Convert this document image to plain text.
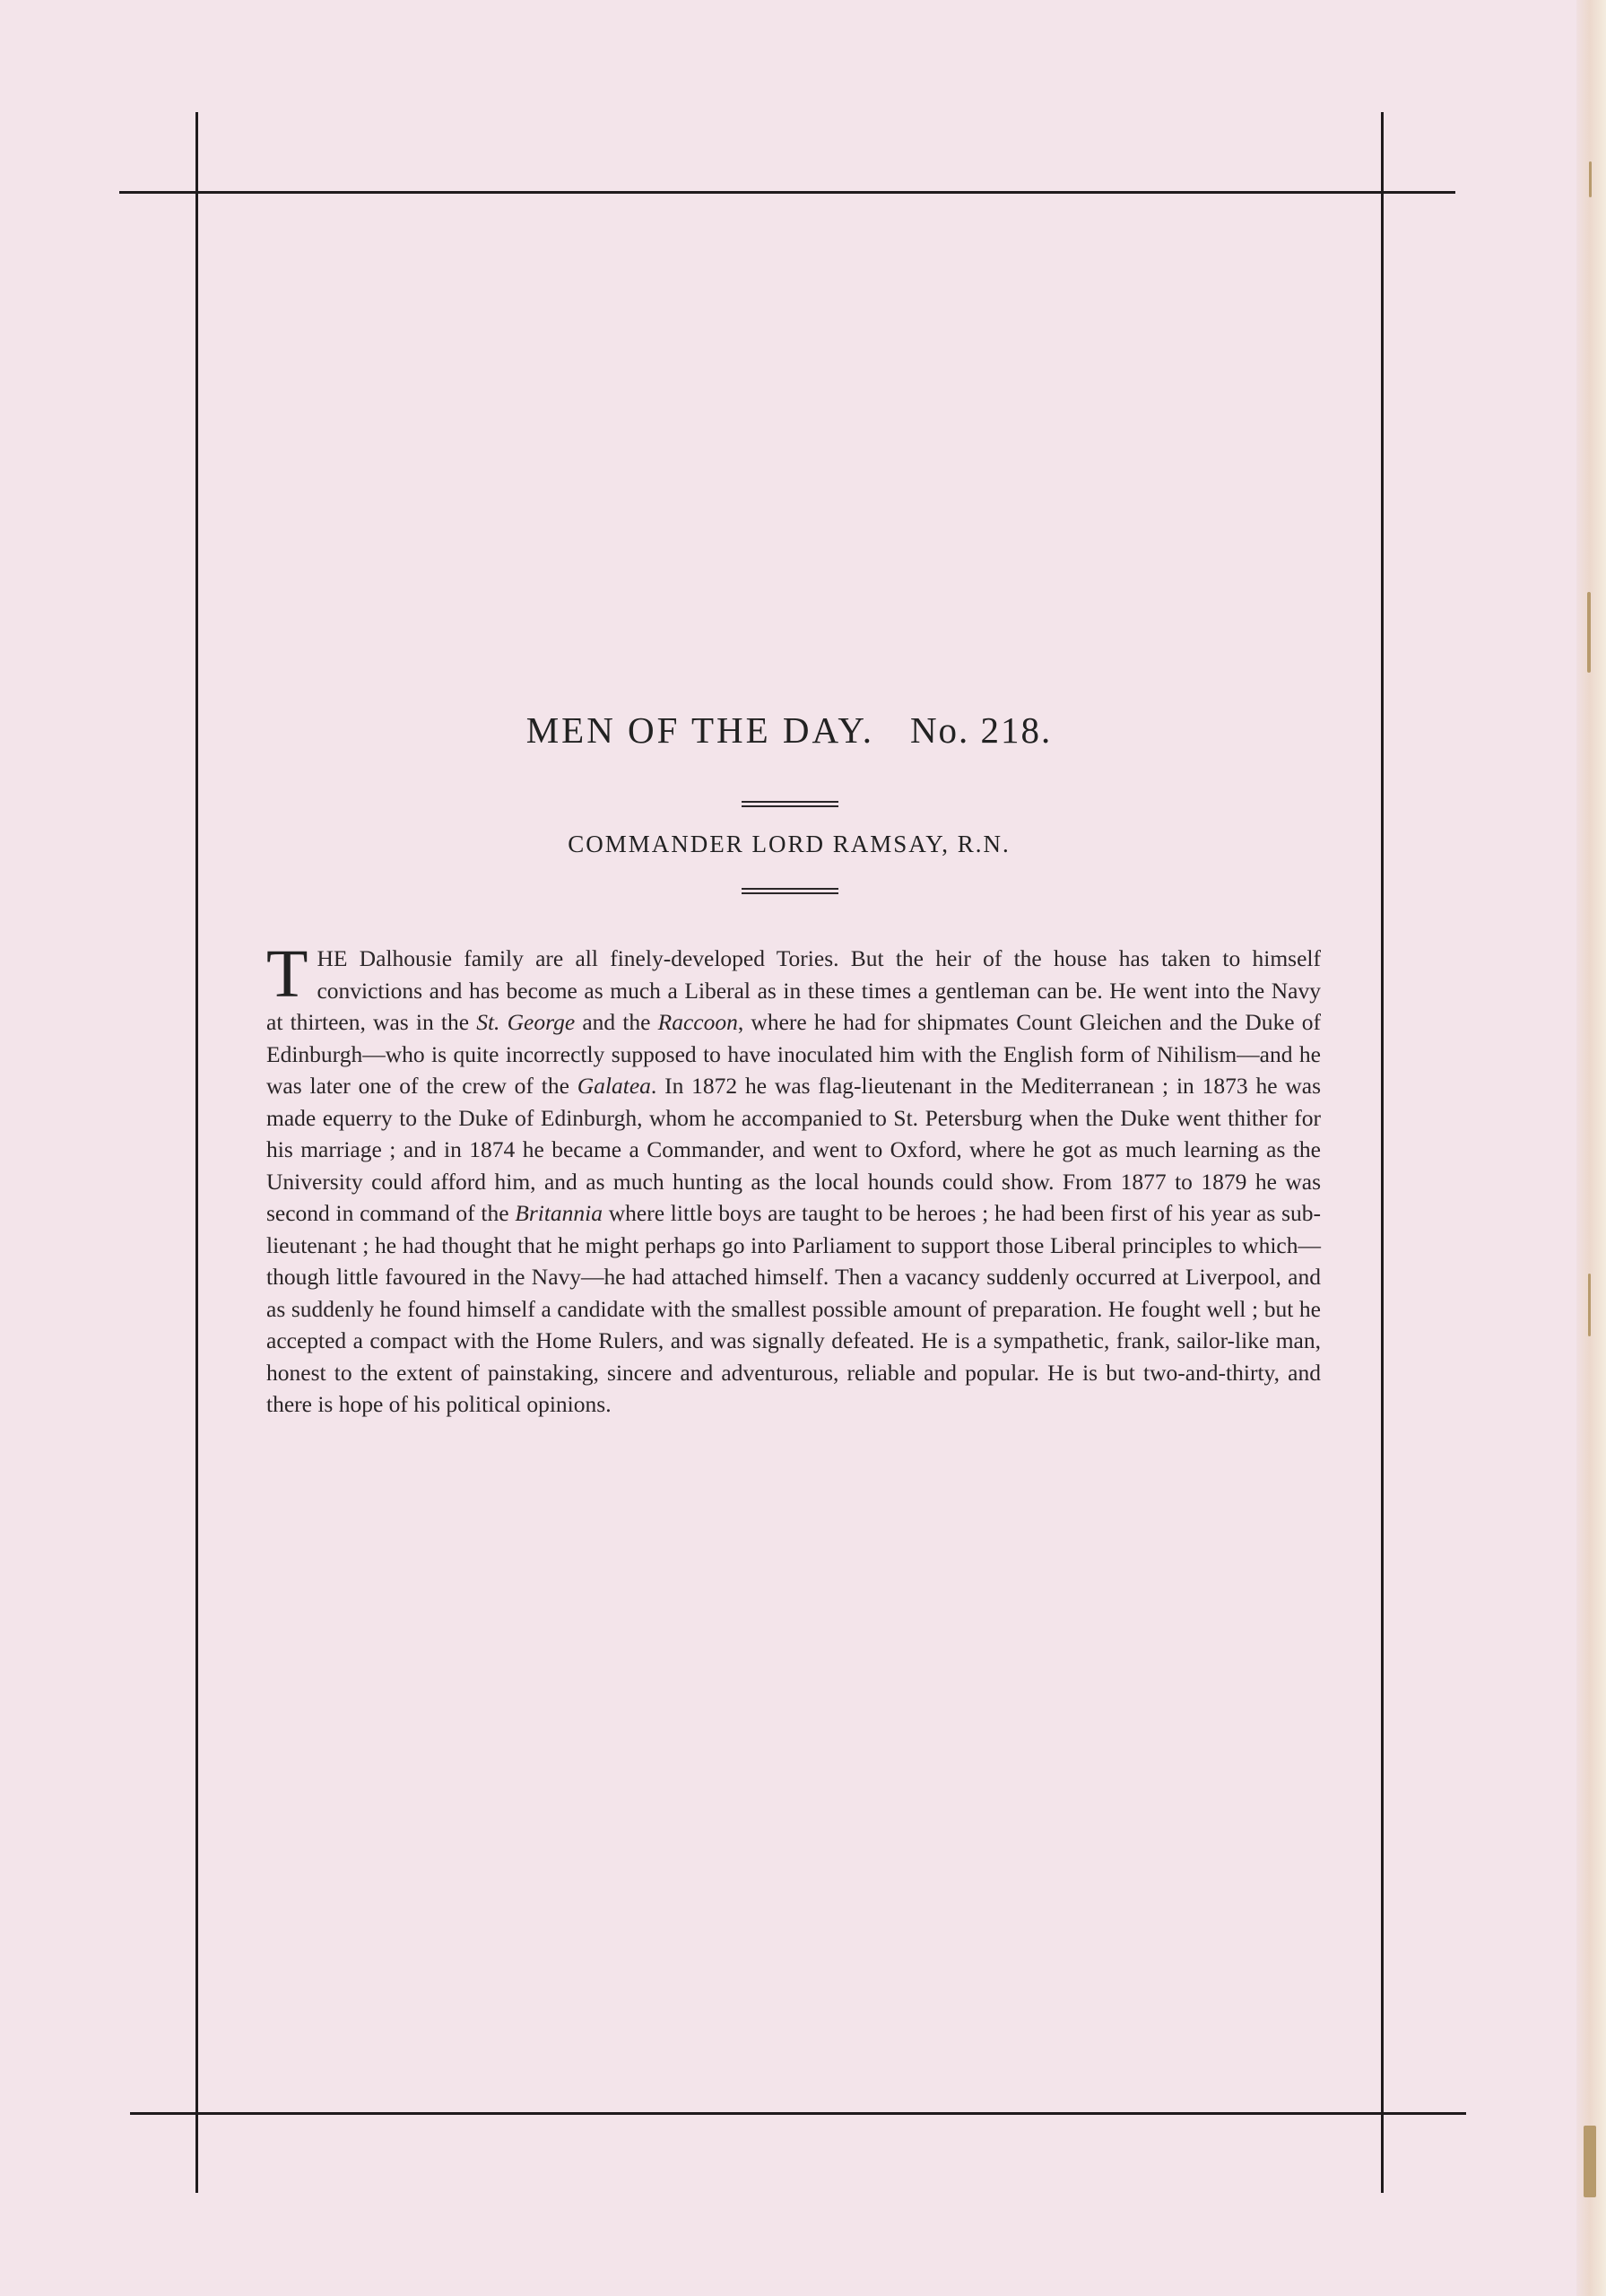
MEN OF THE DAY. No. 218.
COMMANDER LORD RAMSAY, R.N.

THE Dalhousie family are all finely-developed Tories. But the heir of the house has taken to himself convictions and has become as much a Liberal as in these times a gentleman can be. He went into the Navy at thirteen, was in the St. George and the Raccoon, where he had for shipmates Count Gleichen and the Duke of Edinburgh—who is quite incorrectly supposed to have inoculated him with the English form of Nihilism—and he was later one of the crew of the Galatea. In 1872 he was flag-lieutenant in the Mediterranean ; in 1873 he was made equerry to the Duke of Edinburgh, whom he accompanied to St. Petersburg when the Duke went thither for his marriage ; and in 1874 he became a Commander, and went to Oxford, where he got as much learning as the University could afford him, and as much hunting as the local hounds could show. From 1877 to 1879 he was second in command of the Britannia where little boys are taught to be heroes ; he had been first of his year as sub-lieutenant ; he had thought that he might perhaps go into Parliament to support those Liberal principles to which—though little favoured in the Navy—he had attached himself. Then a vacancy suddenly occurred at Liverpool, and as suddenly he found himself a candidate with the smallest possible amount of preparation. He fought well ; but he accepted a compact with the Home Rulers, and was signally defeated. He is a sympathetic, frank, sailor-like man, honest to the extent of painstaking, sincere and adventurous, reliable and popular. He is but two-and-thirty, and there is hope of his political opinions.
